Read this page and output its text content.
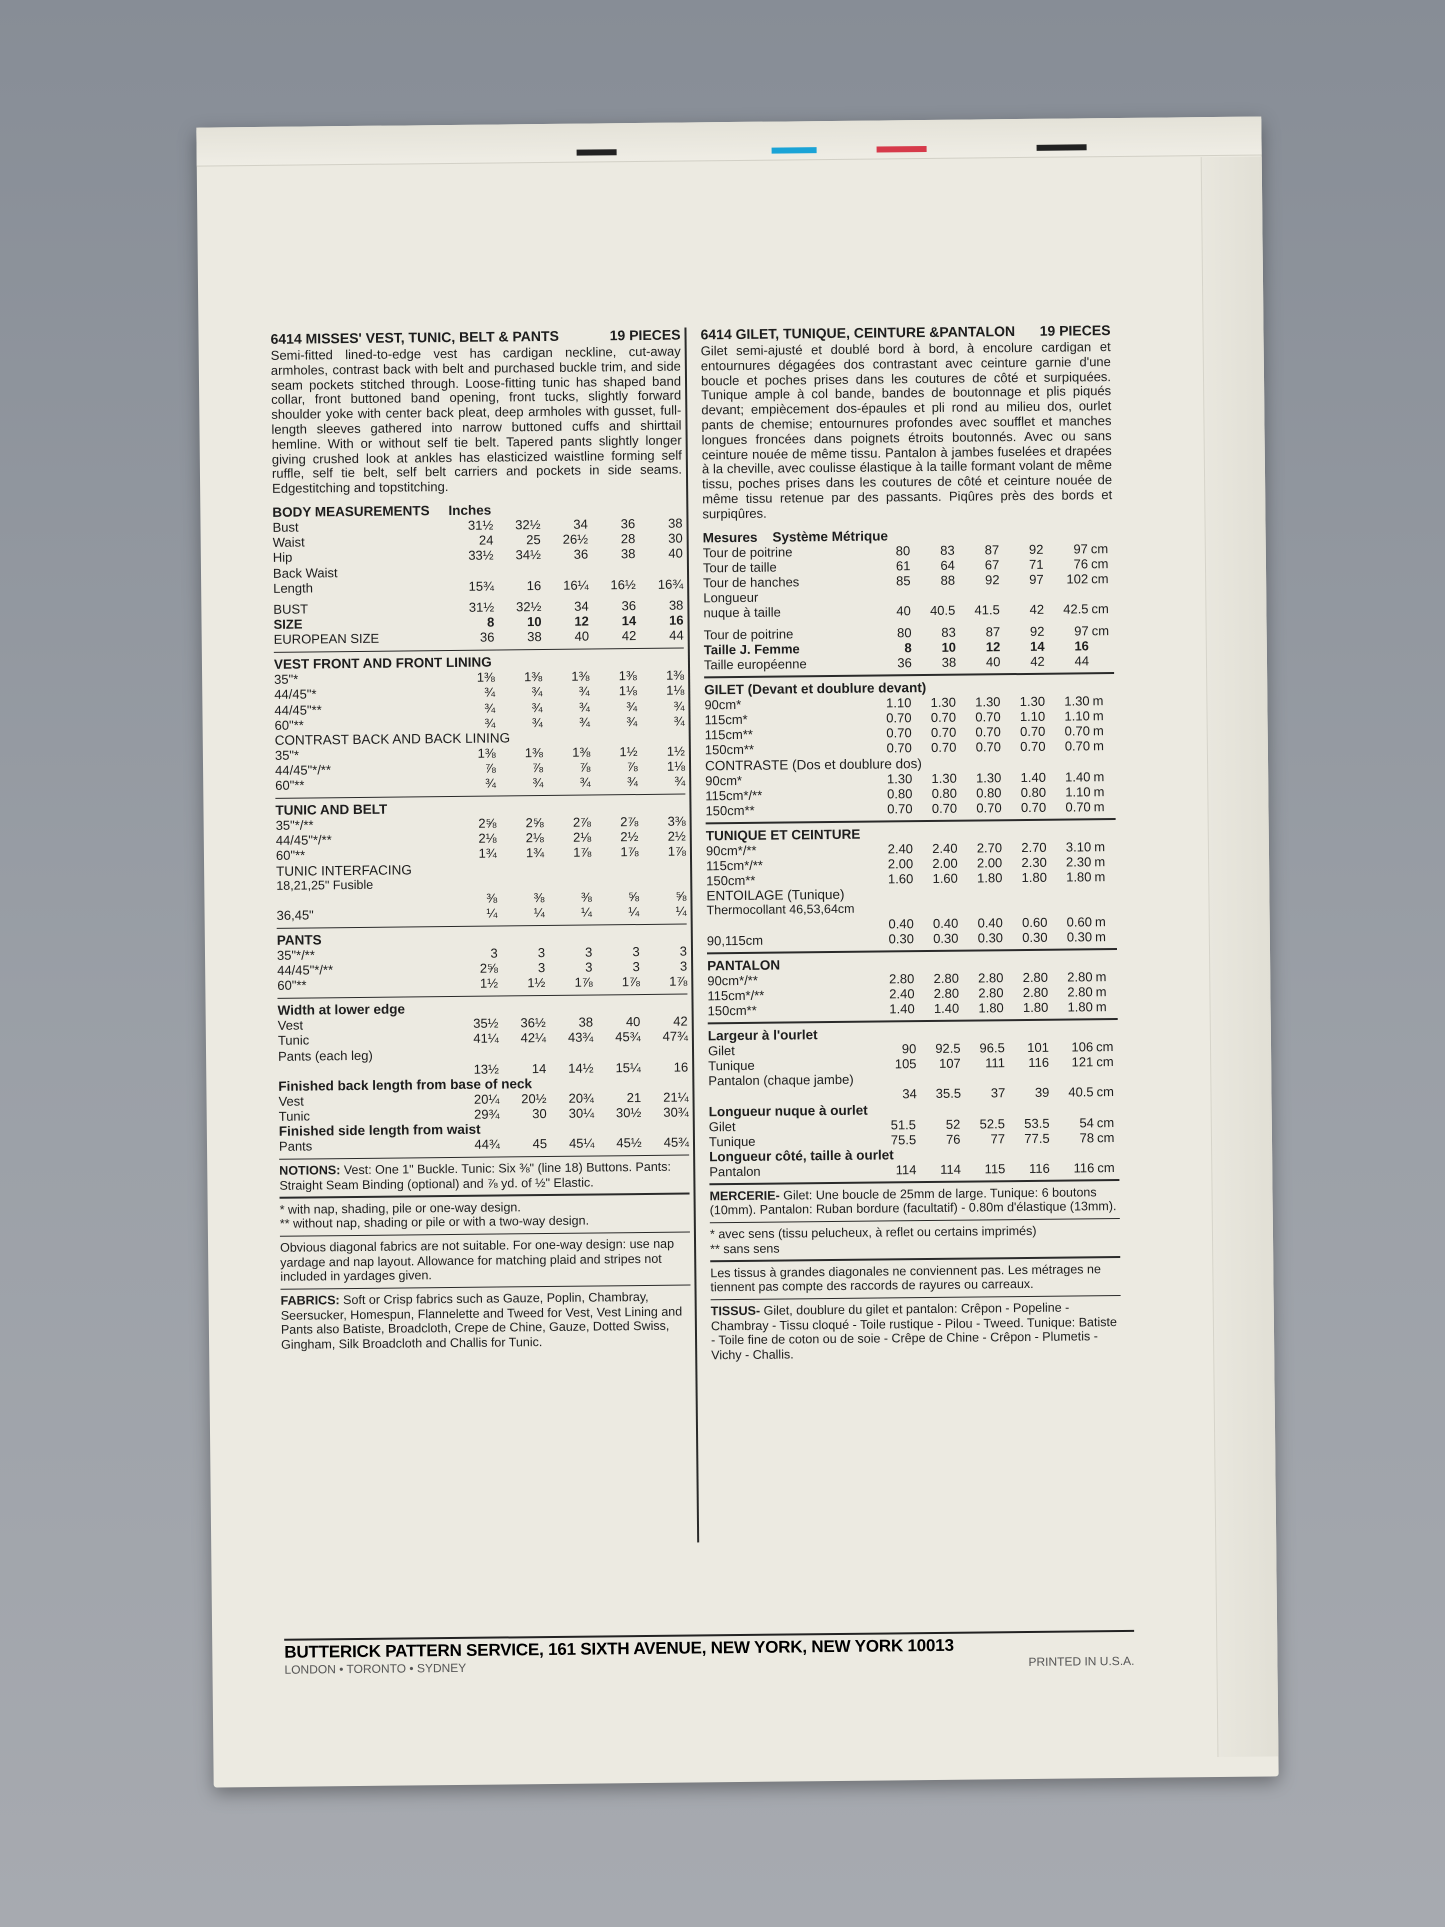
6414 MISSES' VEST, TUNIC, BELT & PANTS	19 PIECES

Semi-fitted lined-to-edge vest has cardigan neckline, cut-away armholes, contrast back with belt and purchased buckle trim, and side seam pockets stitched through. Loose-fitting tunic has shaped band collar, front buttoned band opening, front tucks, slightly forward shoulder yoke with center back pleat, deep armholes with gusset, full-length sleeves gathered into narrow buttoned cuffs and shirttail hemline. With or without self tie belt. Tapered pants slightly longer giving crushed look at ankles has elasticized waistline forming self ruffle, self tie belt, self belt carriers and pockets in side seams. Edgestitching and topstitching.

BODY MEASUREMENTS Inches

Bust	31½	32½	34	36	38
Waist	24	25	26½	28	30
Hip	33½	34½	36	38	40
Back Waist					
Length	15¾	16	16¼	16½	16¾
BUST	31½	32½	34	36	38
SIZE	8	10	12	14	16
EUROPEAN SIZE	36	38	40	42	44

VEST FRONT AND FRONT LINING

35"*	1⅜	1⅜	1⅜	1⅜	1⅜
44/45"*	¾	¾	¾	1⅛	1⅛
44/45"**	¾	¾	¾	¾	¾
60"**	¾	¾	¾	¾	¾

CONTRAST BACK AND BACK LINING

35"*	1⅜	1⅜	1⅜	1½	1½
44/45"*/**	⅞	⅞	⅞	⅞	1⅛
60"**	¾	¾	¾	¾	¾

TUNIC AND BELT

35"*/**	2⅝	2⅝	2⅞	2⅞	3⅜
44/45"*/**	2⅛	2⅛	2⅛	2½	2½
60"**	1¾	1¾	1⅞	1⅞	1⅞

TUNIC INTERFACING

18,21,25" Fusible

	⅜	⅜	⅜	⅝	⅝
36,45"	¼	¼	¼	¼	¼

PANTS

35"*/**	3	3	3	3	3
44/45"*/**	2⅝	3	3	3	3
60"**	1½	1½	1⅞	1⅞	1⅞

Width at lower edge

Vest	35½	36½	38	40	42
Tunic	41¼	42¼	43¾	45¾	47¾
Pants (each leg)					
	13½	14	14½	15¼	16

Finished back length from base of neck

Vest	20¼	20½	20¾	21	21¼
Tunic	29¾	30	30¼	30½	30¾

Finished side length from waist

Pants	44¾	45	45¼	45½	45¾

NOTIONS: Vest: One 1" Buckle. Tunic: Six ⅜" (line 18) Buttons. Pants: Straight Seam Binding (optional) and ⅞ yd. of ½" Elastic.

* with nap, shading, pile or one-way design.

** without nap, shading or pile or with a two-way design.

Obvious diagonal fabrics are not suitable. For one-way design: use nap yardage and nap layout. Allowance for matching plaid and stripes not included in yardages given.

FABRICS: Soft or Crisp fabrics such as Gauze, Poplin, Chambray, Seersucker, Homespun, Flannelette and Tweed for Vest, Vest Lining and Pants also Batiste, Broadcloth, Crepe de Chine, Gauze, Dotted Swiss, Gingham, Silk Broadcloth and Challis for Tunic.

6414 GILET, TUNIQUE, CEINTURE &PANTALON 19 PIECES

Gilet semi-ajusté et doublé bord à bord, à encolure cardigan et entournures dégagées dos contrastant avec ceinture garnie d'une boucle et poches prises dans les coutures de côté et surpiquées. Tunique ample à col bande, bandes de boutonnage et plis piqués devant; empiècement dos-épaules et pli rond au milieu dos, ourlet pants de chemise; entournures profondes avec soufflet et manches longues froncées dans poignets étroits boutonnés. Avec ou sans ceinture nouée de même tissu. Pantalon à jambes fuselées et drapées à la cheville, avec coulisse élastique à la taille formant volant de même tissu, poches prises dans les coutures de côté et ceinture nouée de même tissu retenue par des passants. Piqûres près des bords et surpiqûres.

Mesures Système Métrique

Tour de poitrine	80	83	87	92	97	cm
Tour de taille	61	64	67	71	76	cm
Tour de hanches	85	88	92	97	102	cm
Longueur						
nuque à taille	40	40.5	41.5	42	42.5	cm
Tour de poitrine	80	83	87	92	97	cm
Taille J. Femme	8	10	12	14	16	
Taille européenne	36	38	40	42	44	

GILET (Devant et doublure devant)

90cm*	1.10	1.30	1.30	1.30	1.30	m
115cm*	0.70	0.70	0.70	1.10	1.10	m
115cm**	0.70	0.70	0.70	0.70	0.70	m
150cm**	0.70	0.70	0.70	0.70	0.70	m

CONTRASTE (Dos et doublure dos)

90cm*	1.30	1.30	1.30	1.40	1.40	m
115cm*/**	0.80	0.80	0.80	0.80	1.10	m
150cm**	0.70	0.70	0.70	0.70	0.70	m

TUNIQUE ET CEINTURE

90cm*/**	2.40	2.40	2.70	2.70	3.10	m
115cm*/**	2.00	2.00	2.00	2.30	2.30	m
150cm**	1.60	1.60	1.80	1.80	1.80	m

ENTOILAGE (Tunique)

Thermocollant 46,53,64cm

	0.40	0.40	0.40	0.60	0.60	m
90,115cm	0.30	0.30	0.30	0.30	0.30	m

PANTALON

90cm*/**	2.80	2.80	2.80	2.80	2.80	m
115cm*/**	2.40	2.80	2.80	2.80	2.80	m
150cm**	1.40	1.40	1.80	1.80	1.80	m

Largeur à l'ourlet

Gilet	90	92.5	96.5	101	106	cm
Tunique	105	107	111	116	121	cm
Pantalon (chaque jambe)						
	34	35.5	37	39	40.5	cm

Longueur nuque à ourlet

Gilet	51.5	52	52.5	53.5	54	cm
Tunique	75.5	76	77	77.5	78	cm

Longueur côté, taille à ourlet

Pantalon	114	114	115	116	116	cm

MERCERIE- Gilet: Une boucle de 25mm de large. Tunique: 6 boutons (10mm). Pantalon: Ruban bordure (facultatif) - 0.80m d'élastique (13mm).

* avec sens (tissu pelucheux, à reflet ou certains imprimés)

** sans sens

Les tissus à grandes diagonales ne conviennent pas. Les métrages ne tiennent pas compte des raccords de rayures ou carreaux.

TISSUS- Gilet, doublure du gilet et pantalon: Crêpon - Popeline - Chambray - Tissu cloqué - Toile rustique - Pilou - Tweed. Tunique: Batiste - Toile fine de coton ou de soie - Crêpe de Chine - Crêpon - Plumetis - Vichy - Challis.

BUTTERICK PATTERN SERVICE, 161 SIXTH AVENUE, NEW YORK, NEW YORK 10013
LONDON • TORONTO • SYDNEY	PRINTED IN U.S.A.
